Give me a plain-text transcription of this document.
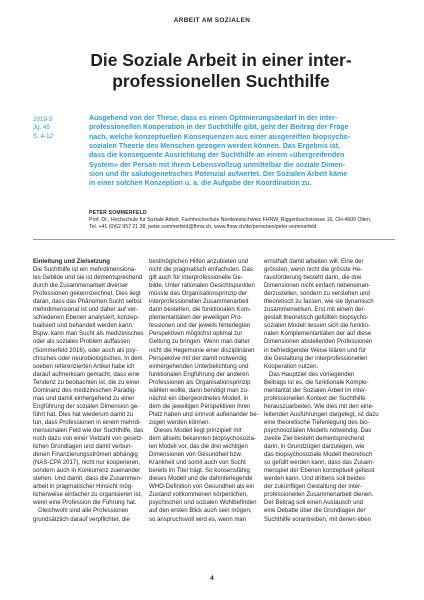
ARBEIT AM SOZIALEN
Die Soziale Arbeit in einer inter-
professionellen Suchthilfe
2019-3
Jg. 45
S. 4-12
Ausgehend von der These, dass es einen Optimierungsbedarf in der inter-
professionellen Kooperation in der Suchthilfe gibt, geht der Beitrag der Frage
nach, welche konzeptuellen Konsequenzen aus einer ausgereiften biopsycho-
sozialen Theorie des Menschen gezogen werden können. Das Ergebnis ist,
dass die konsequente Ausrichtung der Suchthilfe an einem «übergreifenden
System» der Person mit ihrem Lebensvollzug unmittelbar die soziale Dimen-
sion und ihr salutogenetisches Potenzial aufwertet. Der Sozialen Arbeit käme
in einer solchen Konzeption u. a. die Aufgabe der Koordination zu.
PETER SOMMERFELD
Prof. Dr., Hochschule für Soziale Arbeit, Fachhochschule Nordwestschweiz FHNW, Riggenbachstrasse 16, CH-4600 Olten,
Tel. +41 (0)62 957 21 38, peter.sommerfeld@fhnw.ch, www.fhnw.ch/de/personen/peter-sommerfeld
Einleitung und Zielsetzung
Die Suchthilfe ist ein mehrdimensiona-
les Gebilde und sie ist dementsprechend
durch die Zusammenarbeit diverser
Professionen gekennzeichnet. Dies liegt
daran, dass das Phänomen Sucht selbst
mehrdimensional ist und daher auf ver-
schiedenen Ebenen analysiert, konzep-
tualisiert und behandelt werden kann.
Bspw. kann man Sucht als medizinisches
oder als soziales Problem auffassen
(Sommerfeld 2016), oder auch als psy-
chisches oder neurobiologisches. In dem
soeben referenzierten Artikel habe ich
darauf aufmerksam gemacht, dass eine
Tendenz zu beobachten ist, die zu einer
Dominanz des medizinischen Paradig-
mas und damit einhergehend zu einer
Engführung der sozialen Dimension ge-
führt hat. Dies hat wiederum damit zu
tun, dass Professionen in einem mehrdi-
mensionalen Feld wie der Suchthilfe, das
noch dazu von einer Vielzahl von gesetz-
lichen Grundlagen und damit verbun-
denen Finanzierungsströmen abhängig
(NAS-CPA 2017), nicht nur kooperieren,
sondern auch in Konkurrenz zueinander
stehen. Und damit, dass die Zusammen-
arbeit in pragmatischer Hinsicht mög-
licherweise einfacher zu organisieren ist,
wenn eine Profession die Führung hat.
Gleichwohl sind alle Professionen
grundsätzlich darauf verpflichtet, die
bestmöglichen Hilfen anzubieten und
nicht die pragmatisch einfachsten. Das
gilt auch für interprofessionelle Ge-
bilde. Unter rationalen Gesichtspunkten
müsste das Organisationsprinzip der
interprofessionellen Zusammenarbeit
darin bestehen, die funktionalen Kom-
plementaritäten der jeweiligen Pro-
fessionen und der jeweils hinterlegten
Perspektiven möglichst optimal zur
Geltung zu bringen. Wenn man daher
nicht die Hegemonie einer disziplinären
Perspektive mit der damit notwendig
einhergehenden Unterbelichtung und
funktionalen Engführung der anderen
Professionen als Organisationsprinzip
wählen wollte, dann benötigt man zu-
nächst ein übergeordnetes Modell, in
dem die jeweiligen Perspektiven ihren
Platz haben und sinnvoll aufeinander be-
zogen werden können.
Dieses Modell liegt prinzipiell mit
dem allseits bekannten biopsychosozia-
len Modell vor, das die drei wichtigen
Dimensionen von Gesundheit bzw.
Krankheit und somit auch von Sucht
bereits im Titel trägt. So konsensfähig
dieses Modell und die dahinterlegende
WHO-Definition von Gesundheit als ein
Zustand vollkommenen körperlichen,
psychischen und sozialen Wohlbefinden
auf den ersten Blick auch sein mögen,
so anspruchsvoll wird es, wenn man
ernsthaft damit arbeiten will. Eine der
grössten, wenn nicht die grösste He-
rausforderung besteht darin, die drei
Dimensionen nicht einfach nebeneinan-
derzustellen, sondern zu verstehen und
theoretisch zu fassen, wie sie dynamisch
zusammenwirken. Erst mit einem der-
gestalt theoretisch gefüllten biopsycho-
sozialen Modell liessen sich die funktio-
nalen Komplementaritäten der auf diese
Dimensionen abstellenden Professionen
in befriedigender Weise klären und für
die Gestaltung der interprofessionellen
Kooperation nutzen.
Das Hauptziel des vorliegenden
Beitrags ist es, die funktionale Komple-
mentarität der Sozialen Arbeit im inter-
professionellen Kontext der Suchthilfe
herauszuarbeiten. Wie dies mit den eine-
leitenden Ausführungen dargelegt, ist dazu
eine theoretische Tiefenlegung des bio-
psychosozialen Modells notwendig. Das
zweite Ziel besteht dementsprechend
darin, in Grundzügen darzulegen, wie
das biopsychosoziale Modell theoretisch
so gefüllt werden kann, dass das Zusam-
menspiel der Ebenen konzeptuell gefasst
werden kann. Und drittens soll beides
der zukünftigen Gestaltung der inter-
professionellen Zusammenarbeit dienen.
Der Beitrag soll einen Austausch und
eine Debatte über die Grundlagen der
Suchthilfe vorantreiben, mit denen eben
4
